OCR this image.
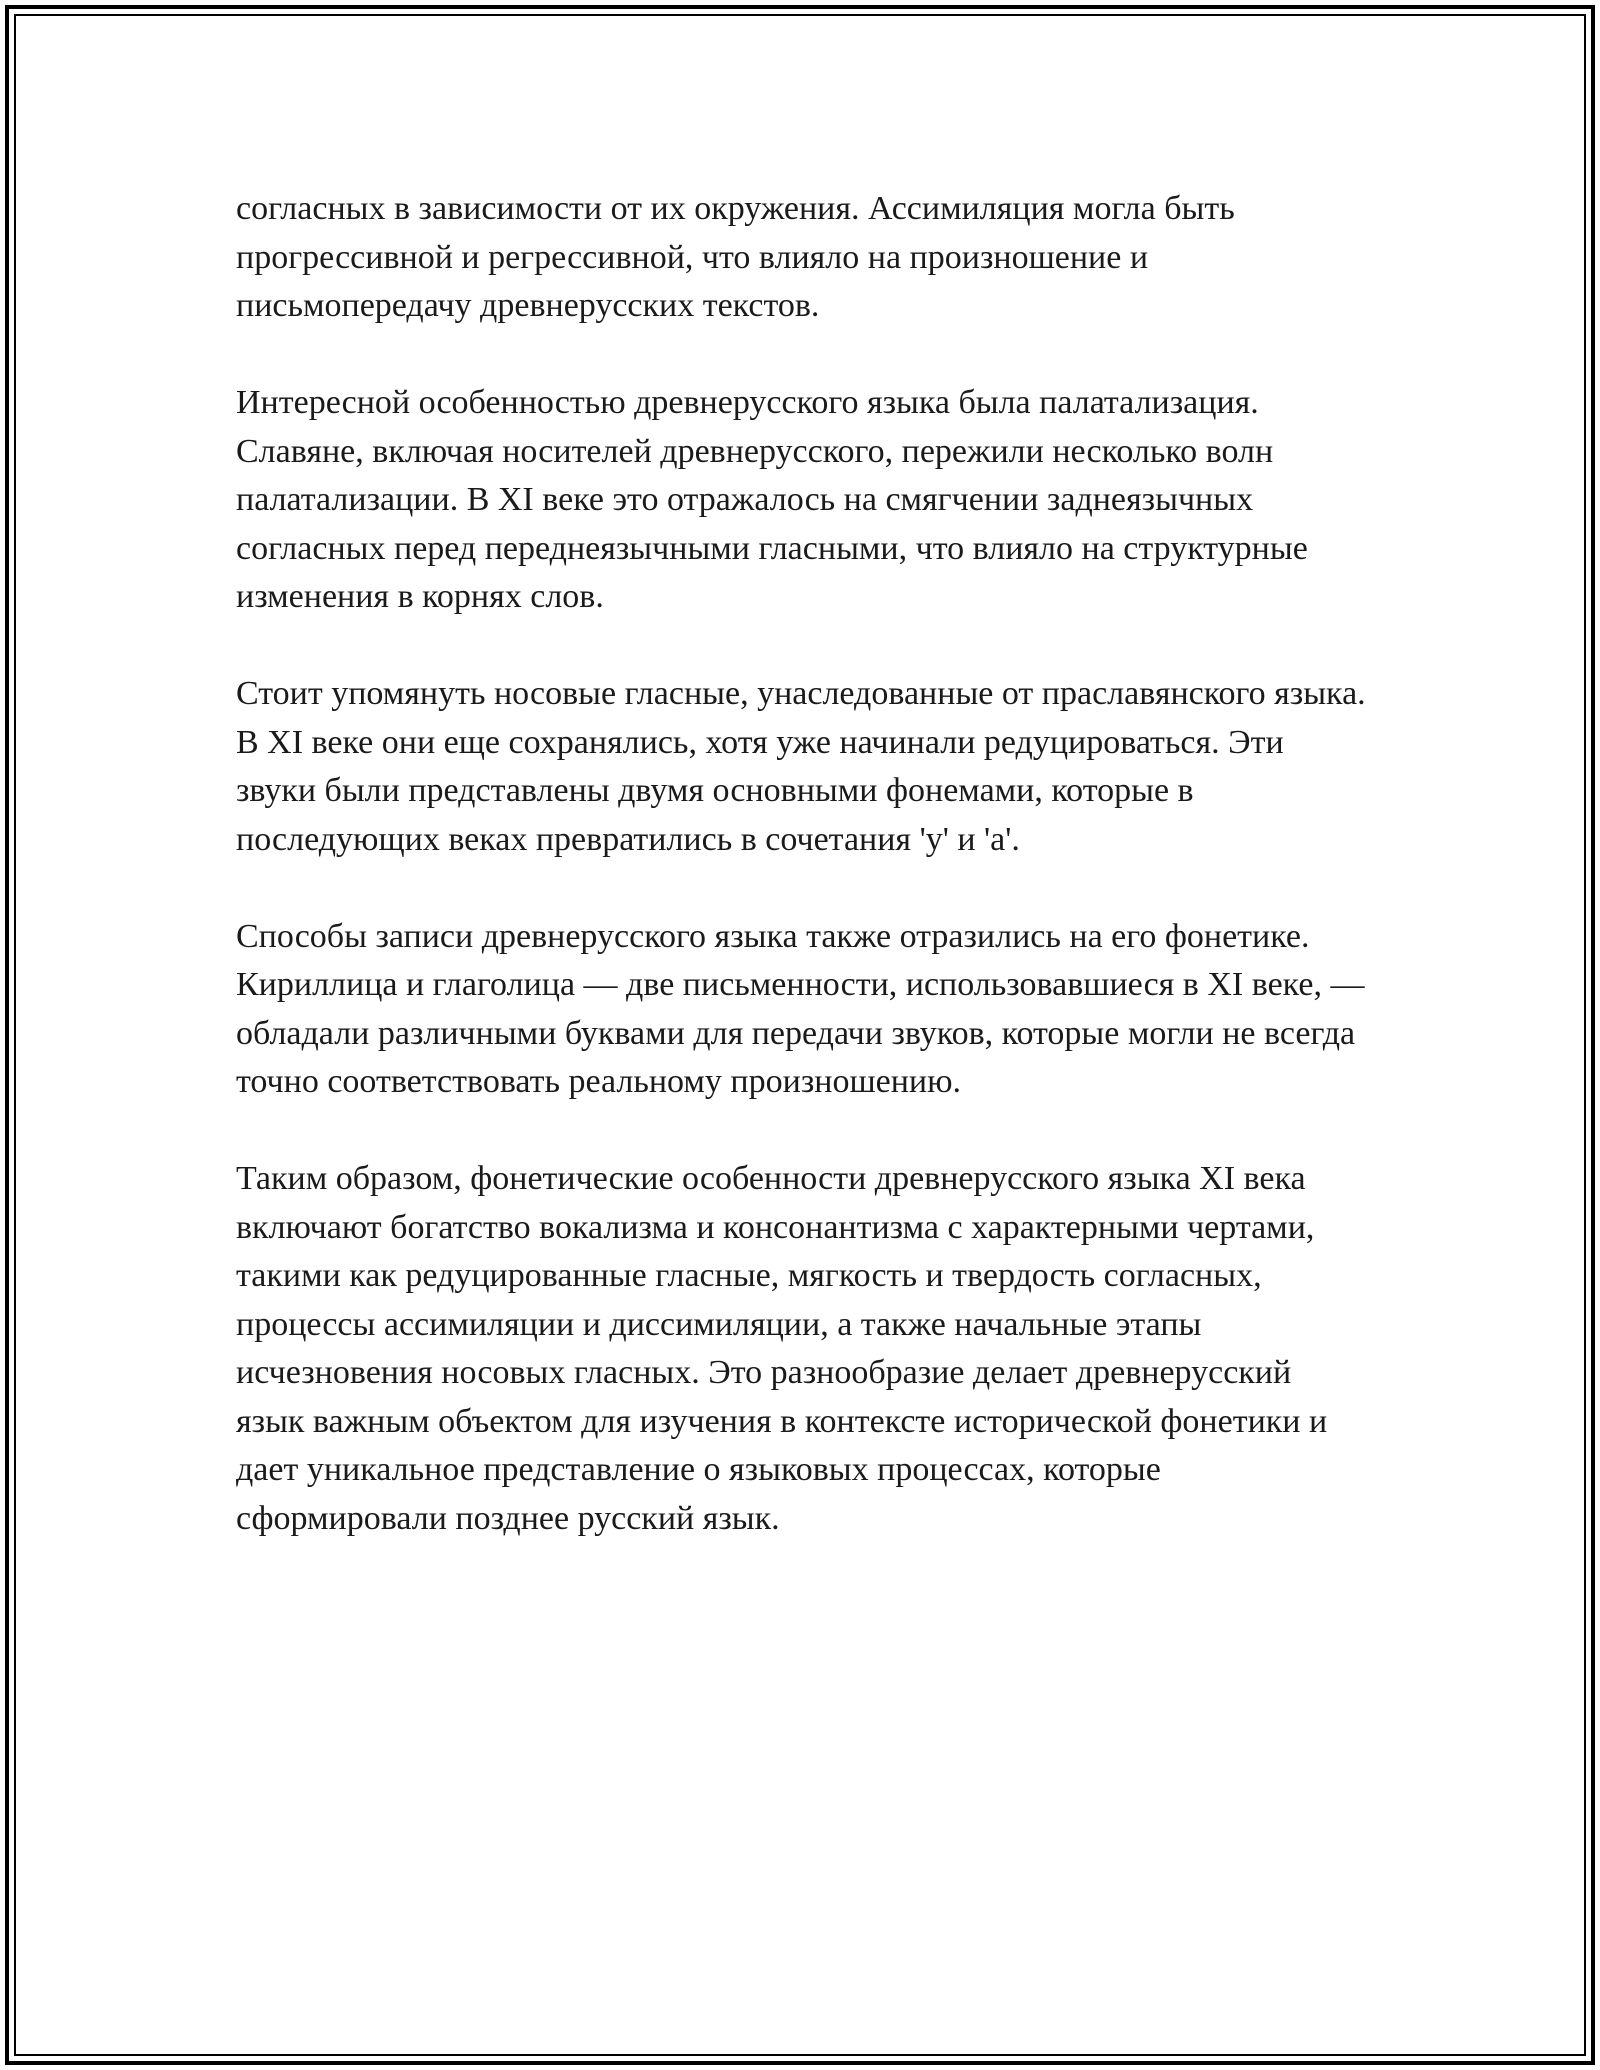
согласных в зависимости от их окружения. Ассимиляция могла быть прогрессивной и регрессивной, что влияло на произношение и письмопередачу древнерусских текстов.

Интересной особенностью древнерусского языка была палатализация. Славяне, включая носителей древнерусского, пережили несколько волн палатализации. В XI веке это отражалось на смягчении заднеязычных согласных перед переднеязычными гласными, что влияло на структурные изменения в корнях слов.

Стоит упомянуть носовые гласные, унаследованные от праславянского языка. В XI веке они еще сохранялись, хотя уже начинали редуцироваться. Эти звуки были представлены двумя основными фонемами, которые в последующих веках превратились в сочетания 'у' и 'а'.

Способы записи древнерусского языка также отразились на его фонетике. Кириллица и глаголица — две письменности, использовавшиеся в XI веке, — обладали различными буквами для передачи звуков, которые могли не всегда точно соответствовать реальному произношению.

Таким образом, фонетические особенности древнерусского языка XI века включают богатство вокализма и консонантизма с характерными чертами, такими как редуцированные гласные, мягкость и твердость согласных, процессы ассимиляции и диссимиляции, а также начальные этапы исчезновения носовых гласных. Это разнообразие делает древнерусский язык важным объектом для изучения в контексте исторической фонетики и дает уникальное представление о языковых процессах, которые сформировали позднее русский язык.
